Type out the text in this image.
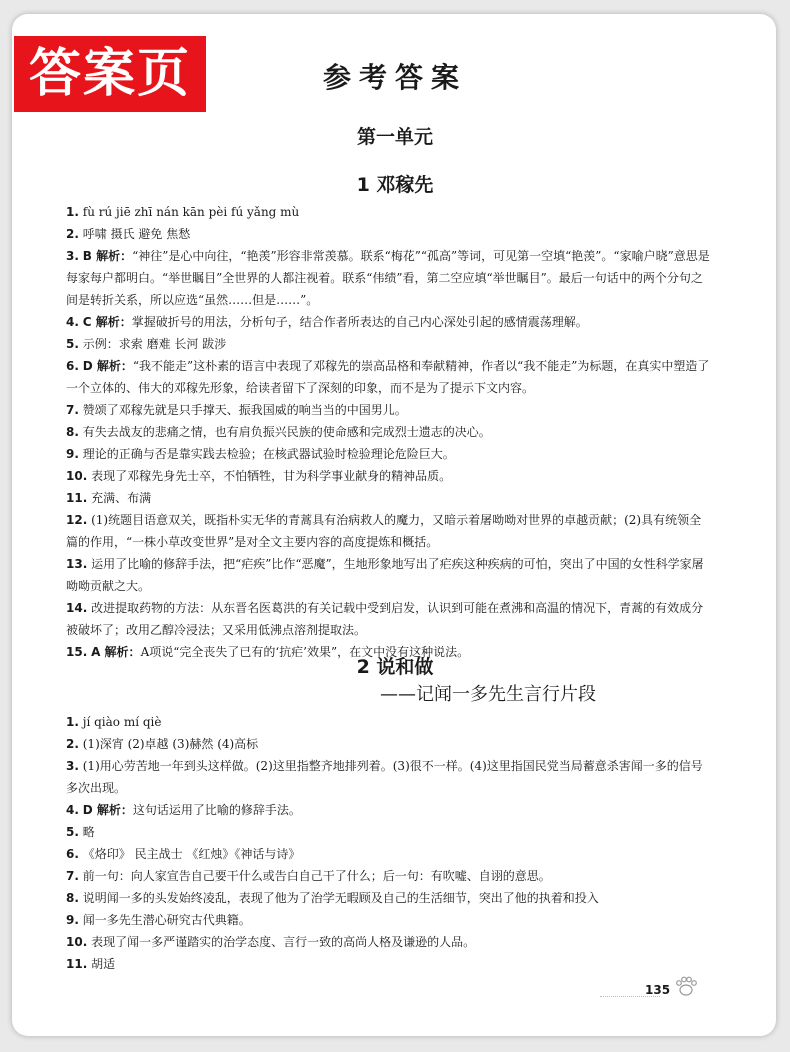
答案页	参考答案
第一单元
1 邓稼先
1. fù rú jiē zhī nán kān pèi fú yǎng mù
2. 呼啸 摄氏 避免 焦愁
3. B 解析：“神往”是心中向往，“艳羡”形容非常羡慕。联系“梅花”“孤高”等词，可见第一空填“艳羡”。“家喻户晓”意思是每家每户都明白。“举世瞩目”全世界的人都注视着。联系“伟绩”看，第二空应填“举世瞩目”。最后一句话中的两个分句之间是转折关系，所以应选“虽然……但是……”。
4. C 解析：掌握破折号的用法，分析句子，结合作者所表达的自己内心深处引起的感情震荡理解。
5. 示例：求索 磨难 长河 跋涉
6. D 解析：“我不能走”这朴素的语言中表现了邓稼先的崇高品格和奉献精神，作者以“我不能走”为标题，在真实中塑造了一个立体的、伟大的邓稼先形象，给读者留下了深刻的印象，而不是为了提示下文内容。
7. 赞颂了邓稼先就是只手撑天、振我国威的响当当的中国男儿。
8. 有失去战友的悲痛之情，也有肩负振兴民族的使命感和完成烈士遗志的决心。
9. 理论的正确与否是靠实践去检验；在核武器试验时检验理论危险巨大。
10. 表现了邓稼先身先士卒，不怕牺牲，甘为科学事业献身的精神品质。
11. 充满、布满
12. (1)统题目语意双关，既指朴实无华的青蒿具有治病救人的魔力，又暗示着屠呦呦对世界的卓越贡献；(2)具有统领全篇的作用，“一株小草改变世界”是对全文主要内容的高度提炼和概括。
13. 运用了比喻的修辞手法，把“疟疾”比作“恶魔”，生地形象地写出了疟疾这种疾病的可怕，突出了中国的女性科学家屠呦呦贡献之大。
14. 改进提取药物的方法：从东晋名医葛洪的有关记载中受到启发，认识到可能在煮沸和高温的情况下，青蒿的有效成分被破坏了；改用乙醇冷浸法；又采用低沸点溶剂提取法。
15. A 解析：A项说“完全丧失了已有的‘抗疟’效果”，在文中没有这种说法。
2 说和做
——记闻一多先生言行片段
1. jí qiào mí qiè
2. (1)深宵 (2)卓越 (3)赫然 (4)高标
3. (1)用心劳苦地一年到头这样做。(2)这里指整齐地排列着。(3)很不一样。(4)这里指国民党当局蓄意杀害闻一多的信号多次出现。
4. D 解析：这句话运用了比喻的修辞手法。
5. 略
6. 《烙印》 民主战士 《红烛》《神话与诗》
7. 前一句：向人家宣告自己要干什么或告白自己干了什么；后一句：有吹嘘、自诩的意思。
8. 说明闻一多的头发始终凌乱，表现了他为了治学无暇顾及自己的生活细节，突出了他的执着和投入
9. 闻一多先生潜心研究古代典籍。
10. 表现了闻一多严谨踏实的治学态度、言行一致的高尚人格及谦逊的人品。
11. 胡适
135
